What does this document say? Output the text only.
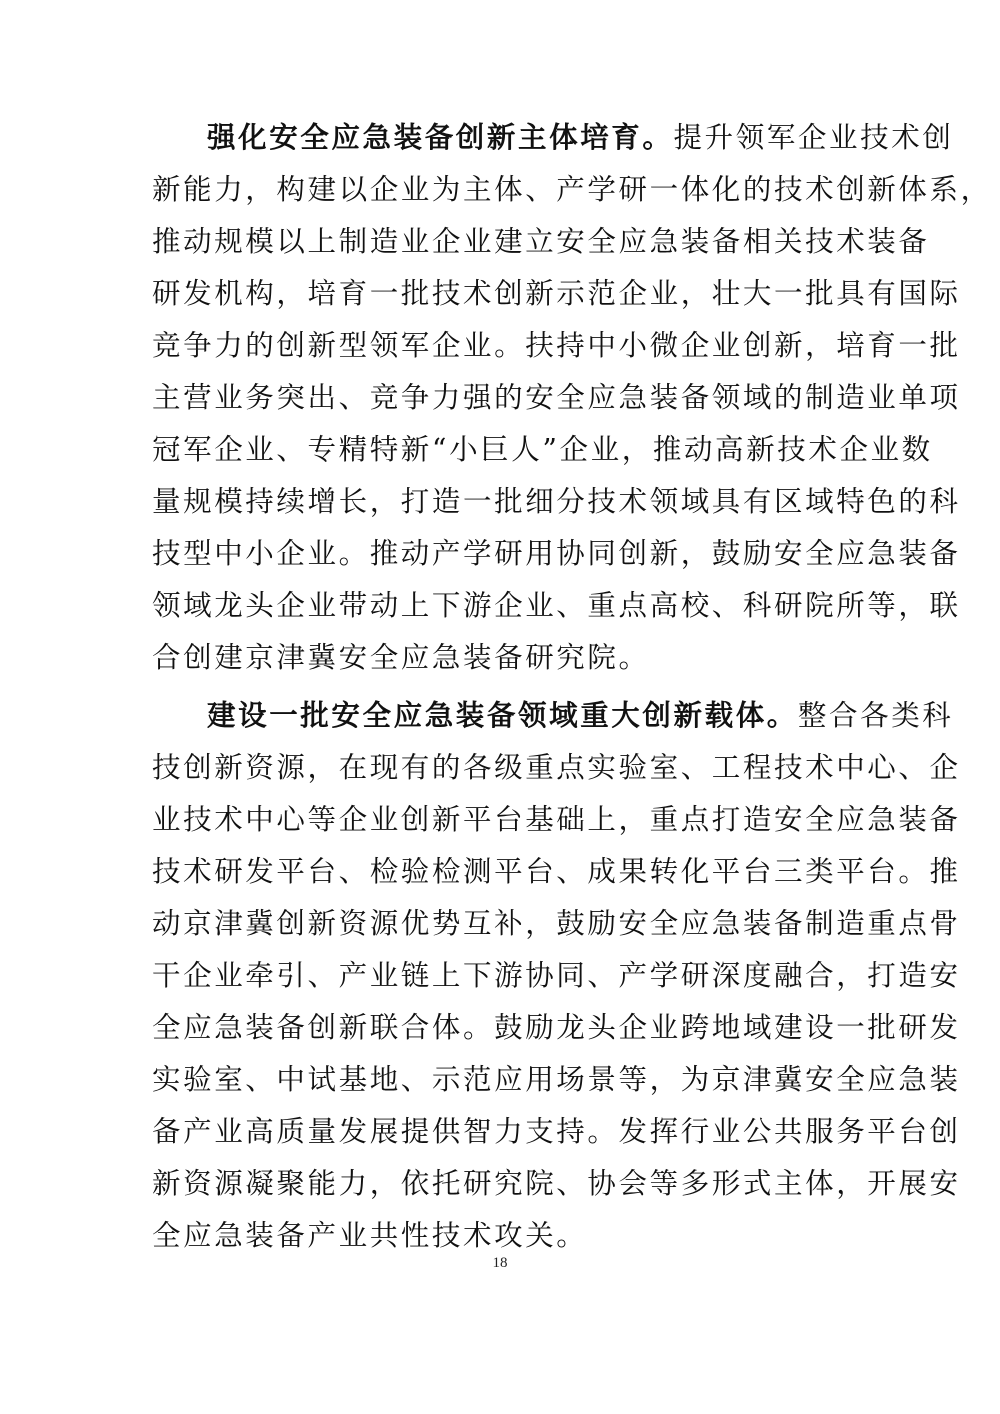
强化安全应急装备创新主体培育。提升领军企业技术创
新能力，构建以企业为主体、产学研一体化的技术创新体系，
推动规模以上制造业企业建立安全应急装备相关技术装备
研发机构，培育一批技术创新示范企业，壮大一批具有国际
竞争力的创新型领军企业。扶持中小微企业创新，培育一批
主营业务突出、竞争力强的安全应急装备领域的制造业单项
冠军企业、专精特新“小巨人”企业，推动高新技术企业数
量规模持续增长，打造一批细分技术领域具有区域特色的科
技型中小企业。推动产学研用协同创新，鼓励安全应急装备
领域龙头企业带动上下游企业、重点高校、科研院所等，联
合创建京津冀安全应急装备研究院。
建设一批安全应急装备领域重大创新载体。整合各类科
技创新资源，在现有的各级重点实验室、工程技术中心、企
业技术中心等企业创新平台基础上，重点打造安全应急装备
技术研发平台、检验检测平台、成果转化平台三类平台。推
动京津冀创新资源优势互补，鼓励安全应急装备制造重点骨
干企业牵引、产业链上下游协同、产学研深度融合，打造安
全应急装备创新联合体。鼓励龙头企业跨地域建设一批研发
实验室、中试基地、示范应用场景等，为京津冀安全应急装
备产业高质量发展提供智力支持。发挥行业公共服务平台创
新资源凝聚能力，依托研究院、协会等多形式主体，开展安
全应急装备产业共性技术攻关。
18
